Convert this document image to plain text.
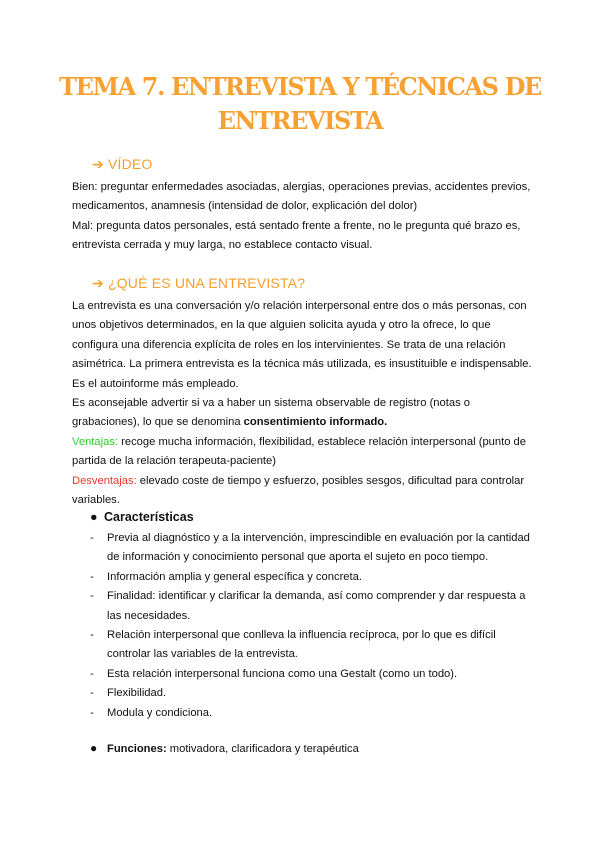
TEMA 7. ENTREVISTA Y TÉCNICAS DE ENTREVISTA
➔ VÍDEO

Bien: preguntar enfermedades asociadas, alergias, operaciones previas, accidentes previos, medicamentos, anamnesis (intensidad de dolor, explicación del dolor)

Mal: pregunta datos personales, está sentado frente a frente, no le pregunta qué brazo es, entrevista cerrada y muy larga, no establece contacto visual.

➔ ¿QUÉ ES UNA ENTREVISTA?

La entrevista es una conversación y/o relación interpersonal entre dos o más personas, con unos objetivos determinados, en la que alguien solicita ayuda y otro la ofrece, lo que configura una diferencia explícita de roles en los intervinientes. Se trata de una relación asimétrica. La primera entrevista es la técnica más utilizada, es insustituible e indispensable. Es el autoinforme más empleado.

Es aconsejable advertir si va a haber un sistema observable de registro (notas o grabaciones), lo que se denomina consentimiento informado.

Ventajas: recoge mucha información, flexibilidad, establece relación interpersonal (punto de partida de la relación terapeuta-paciente)

Desventajas: elevado coste de tiempo y esfuerzo, posibles sesgos, dificultad para controlar variables.

● Características
- Previa al diagnóstico y a la intervención, imprescindible en evaluación por la cantidad de información y conocimiento personal que aporta el sujeto en poco tiempo.
- Información amplia y general específica y concreta.
- Finalidad: identificar y clarificar la demanda, así como comprender y dar respuesta a las necesidades.
- Relación interpersonal que conlleva la influencia recíproca, por lo que es difícil controlar las variables de la entrevista.
- Esta relación interpersonal funciona como una Gestalt (como un todo).
- Flexibilidad.
- Modula y condiciona.
● Funciones: motivadora, clarificadora y terapéutica
